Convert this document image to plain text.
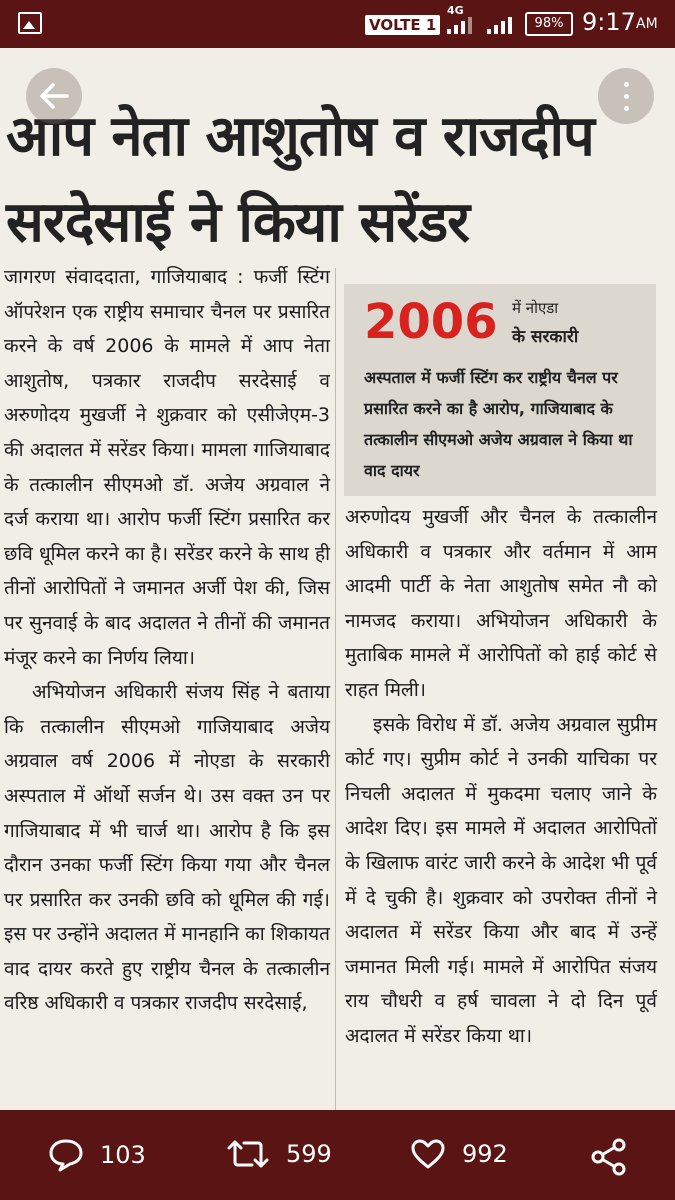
VOLTE 1
4G
98% 9:17 AM
आप नेता आशुतोष व राजदीप
सरदेसाई ने किया सरेंडर

जागरण संवाददाता, गाजियाबाद : फर्जी स्टिंग ऑपरेशन एक राष्ट्रीय समाचार चैनल पर प्रसारित करने के वर्ष 2006 के मामले में आप नेता आशुतोष, पत्रकार राजदीप सरदेसाई व अरुणोदय मुखर्जी ने शुक्रवार को एसीजेएम-3 की अदालत में सरेंडर किया। मामला गाजियाबाद के तत्कालीन सीएमओ डॉ. अजेय अग्रवाल ने दर्ज कराया था। आरोप फर्जी स्टिंग प्रसारित कर छवि धूमिल करने का है। सरेंडर करने के साथ ही तीनों आरोपितों ने जमानत अर्जी पेश की, जिस पर सुनवाई के बाद अदालत ने तीनों की जमानत मंजूर करने का निर्णय लिया।

अभियोजन अधिकारी संजय सिंह ने बताया कि तत्कालीन सीएमओ गाजियाबाद अजेय अग्रवाल वर्ष 2006 में नोएडा के सरकारी अस्पताल में ऑर्थो सर्जन थे। उस वक्त उन पर गाजियाबाद में भी चार्ज था। आरोप है कि इस दौरान उनका फर्जी स्टिंग किया गया और चैनल पर प्रसारित कर उनकी छवि को धूमिल की गई। इस पर उन्होंने अदालत में मानहानि का शिकायत वाद दायर करते हुए राष्ट्रीय चैनल के तत्कालीन वरिष्ठ अधिकारी व पत्रकार राजदीप सरदेसाई,

2006 में नोएडा
के सरकारी
अस्पताल में फर्जी स्टिंग कर राष्ट्रीय चैनल पर प्रसारित करने का है आरोप, गाजियाबाद के तत्कालीन सीएमओ अजेय अग्रवाल ने किया था वाद दायर

अरुणोदय मुखर्जी और चैनल के तत्कालीन अधिकारी व पत्रकार और वर्तमान में आम आदमी पार्टी के नेता आशुतोष समेत नौ को नामजद कराया। अभियोजन अधिकारी के मुताबिक मामले में आरोपितों को हाई कोर्ट से राहत मिली।

इसके विरोध में डॉ. अजेय अग्रवाल सुप्रीम कोर्ट गए। सुप्रीम कोर्ट ने उनकी याचिका पर निचली अदालत में मुकदमा चलाए जाने के आदेश दिए। इस मामले में अदालत आरोपितों के खिलाफ वारंट जारी करने के आदेश भी पूर्व में दे चुकी है। शुक्रवार को उपरोक्त तीनों ने अदालत में सरेंडर किया और बाद में उन्हें जमानत मिली गई। मामले में आरोपित संजय राय चौधरी व हर्ष चावला ने दो दिन पूर्व अदालत में सरेंडर किया था।

103	599	992
